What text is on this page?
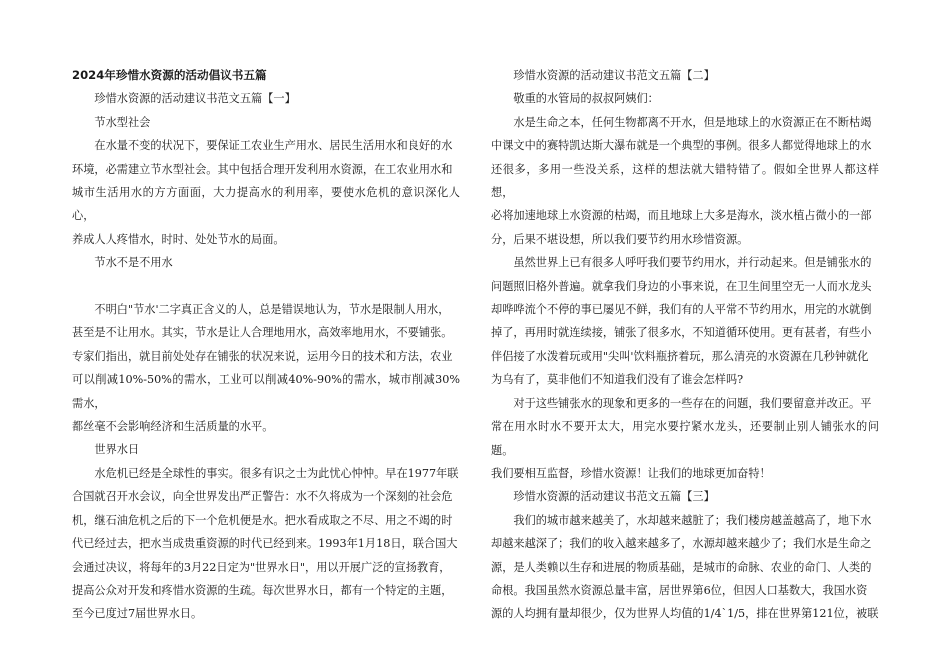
2024年珍惜水资源的活动倡议书五篇

珍惜水资源的活动建议书范文五篇【一】

节水型社会

在水量不变的状况下，要保证工农业生产用水、居民生活用水和良好的水
环境，必需建立节水型社会。其中包括合理开发利用水资源，在工农业用水和
城市生活用水的方方面面，大力提高水的利用率，要使水危机的意识深化人心，
养成人人疼惜水，时时、处处节水的局面。

节水不是不用水

不明白"节水'二字真正含义的人，总是错误地认为，节水是限制人用水，
甚至是不让用水。其实，节水是让人合理地用水，高效率地用水，不要铺张。
专家们指出，就目前处处存在铺张的状况来说，运用今日的技术和方法，农业
可以削减10%-50%的需水，工业可以削减40%-90%的需水，城市削减30%需水，
都丝毫不会影响经济和生活质量的水平。

世界水日

水危机已经是全球性的事实。很多有识之士为此忧心忡忡。早在1977年联
合国就召开水会议，向全世界发出严正警告：水不久将成为一个深刻的社会危
机，继石油危机之后的下一个危机便是水。把水看成取之不尽、用之不竭的时
代已经过去，把水当成贵重资源的时代已经到来。1993年1月18日，联合国大
会通过决议，将每年的3月22日定为"世界水日"，用以开展广泛的宣扬教育，
提高公众对开发和疼惜水资源的生疏。每次世界水日，都有一个特定的主题，
至今已度过7届世界水日。

珍惜水资源的活动建议书范文五篇【二】

敬重的水管局的叔叔阿姨们：

水是生命之本，任何生物都离不开水，但是地球上的水资源正在不断枯竭
中课文中的赛特凯达斯大瀑布就是一个典型的事例。很多人都觉得地球上的水
还很多，多用一些没关系，这样的想法就大错特错了。假如全世界人都这样想，
必将加速地球上水资源的枯竭，而且地球上大多是海水，淡水植占微小的一部
分，后果不堪设想，所以我们要节约用水珍惜资源。

虽然世界上已有很多人呼吁我们要节约用水，并行动起来。但是铺张水的
问题照旧格外普遍。就拿我们身边的小事来说，在卫生间里空无一人而水龙头
却哗哗流个不停的事已屡见不鲜，我们有的人平常不节约用水，用完的水就倒
掉了，再用时就连续接，铺张了很多水，不知道循环使用。更有甚者，有些小
伴侣接了水泼着玩或用"尖叫'饮料瓶挤着玩，那么清亮的水资源在几秒钟就化
为乌有了，莫非他们不知道我们没有了谁会怎样吗?

对于这些铺张水的现象和更多的一些存在的问题，我们要留意并改正。平
常在用水时水不要开太大，用完水要拧紧水龙头，还要制止别人铺张水的问题。
我们要相互监督，珍惜水资源！让我们的地球更加奋特！

珍惜水资源的活动建议书范文五篇【三】

我们的城市越来越美了，水却越来越脏了；我们楼房越盖越高了，地下水
却越来越深了；我们的收入越来越多了，水源却越来越少了；我们水是生命之
源，是人类赖以生存和进展的物质基础，是城市的命脉、农业的命门、人类的
命根。我国虽然水资源总量丰富，居世界第6位，但因人口基数大，我国水资
源的人均拥有量却很少，仅为世界人均值的1/4`1/5，排在世界第121位，被联
